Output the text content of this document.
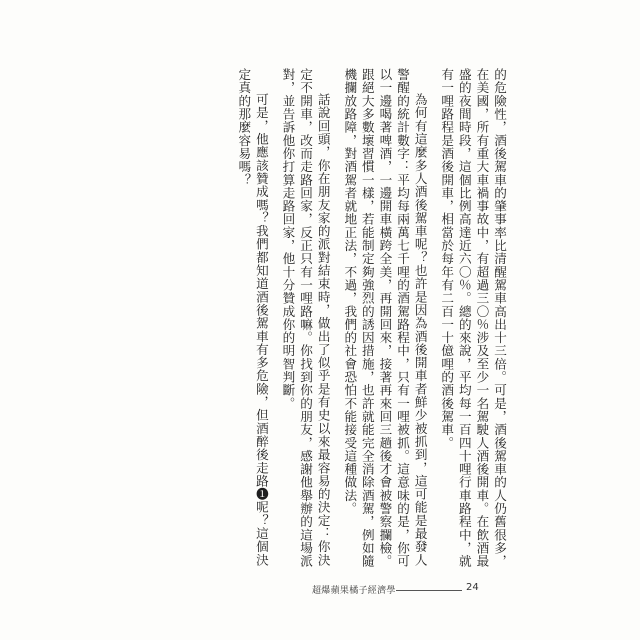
的危險性，酒後駕車的肇事率比清醒駕車高出十三倍。可是，酒後駕車的人仍舊很多，
在美國，所有重大車禍事故中，有超過三〇％涉及至少一名駕駛人酒後開車。在飲酒最
盛的夜間時段，這個比例高達近六〇％。總的來說，平均每一百四十哩行車路程中，就
有一哩路程是酒後開車，相當於每年有二百一十億哩的酒後駕車。
為何有這麼多人酒後駕車呢？也許是因為酒後開車者鮮少被抓到，這可能是最發人
警醒的統計數字：平均每兩萬七千哩的酒駕路程中，只有一哩被抓。這意味的是，你可
以一邊喝著啤酒，一邊開車橫跨全美，再開回來，接著再來回三趟後才會被警察攔檢。
跟絕大多數壞習慣一樣，若能制定夠強烈的誘因措施，也許就能完全消除酒駕，例如隨
機攔放路障，對酒駕者就地正法，不過，我們的社會恐怕不能接受這種做法。
話說回頭，你在朋友家的派對結束時，做出了似乎是有史以來最容易的決定：你決
定不開車，改而走路回家，反正只有一哩路嘛。你找到你的朋友，感謝他舉辦的這場派
對，並告訴他你打算走路回家，他十分贊成你的明智判斷。
可是，他應該贊成嗎？我們都知道酒後駕車有多危險，但酒醉後走路❶呢？這個決
定真的那麼容易嗎？
超爆蘋果橘子經濟學	24
